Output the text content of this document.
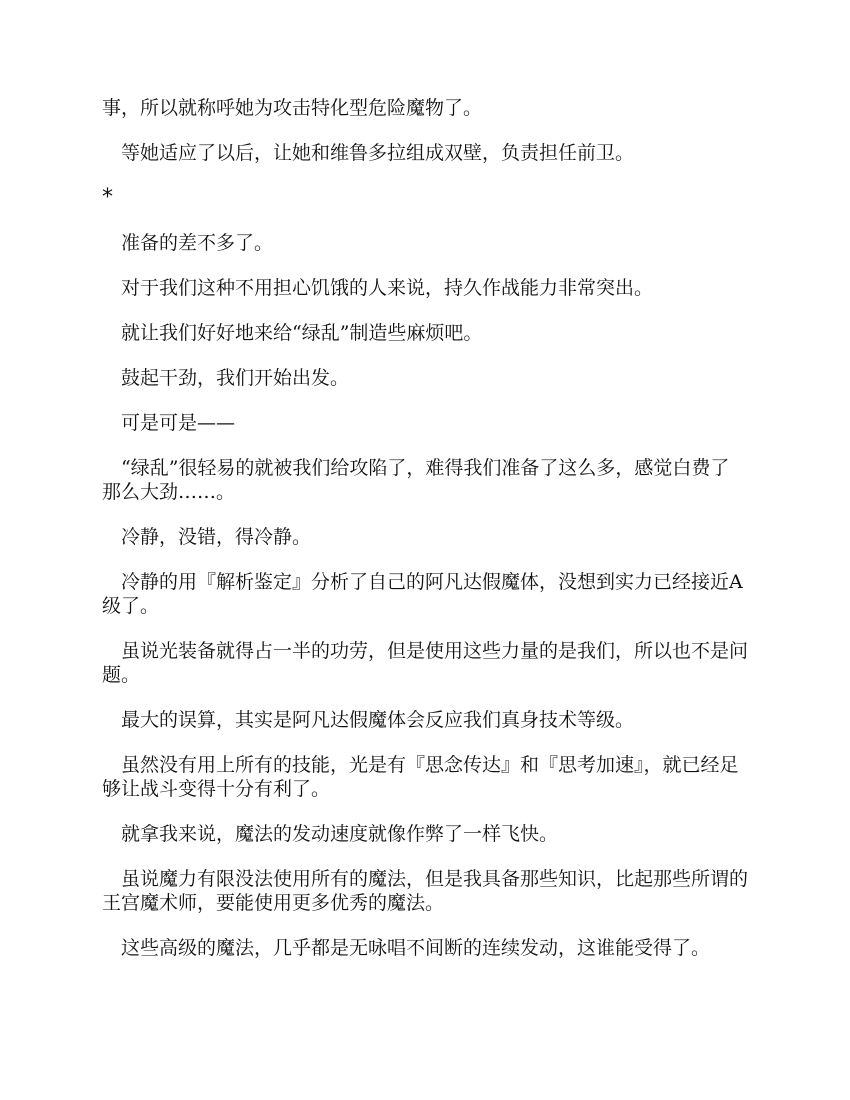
事，所以就称呼她为攻击特化型危险魔物了。

等她适应了以后，让她和维鲁多拉组成双壁，负责担任前卫。

*

准备的差不多了。

对于我们这种不用担心饥饿的人来说，持久作战能力非常突出。

就让我们好好地来给“绿乱”制造些麻烦吧。

鼓起干劲，我们开始出发。

可是可是——

“绿乱”很轻易的就被我们给攻陷了，难得我们准备了这么多，感觉白费了那么大劲……。

冷静，没错，得冷静。

冷静的用『解析鉴定』分析了自己的阿凡达假魔体，没想到实力已经接近A级了。

虽说光装备就得占一半的功劳，但是使用这些力量的是我们，所以也不是问题。

最大的误算，其实是阿凡达假魔体会反应我们真身技术等级。

虽然没有用上所有的技能，光是有『思念传达』和『思考加速』，就已经足够让战斗变得十分有利了。

就拿我来说，魔法的发动速度就像作弊了一样飞快。

虽说魔力有限没法使用所有的魔法，但是我具备那些知识，比起那些所谓的王宫魔术师，要能使用更多优秀的魔法。

这些高级的魔法，几乎都是无咏唱不间断的连续发动，这谁能受得了。
